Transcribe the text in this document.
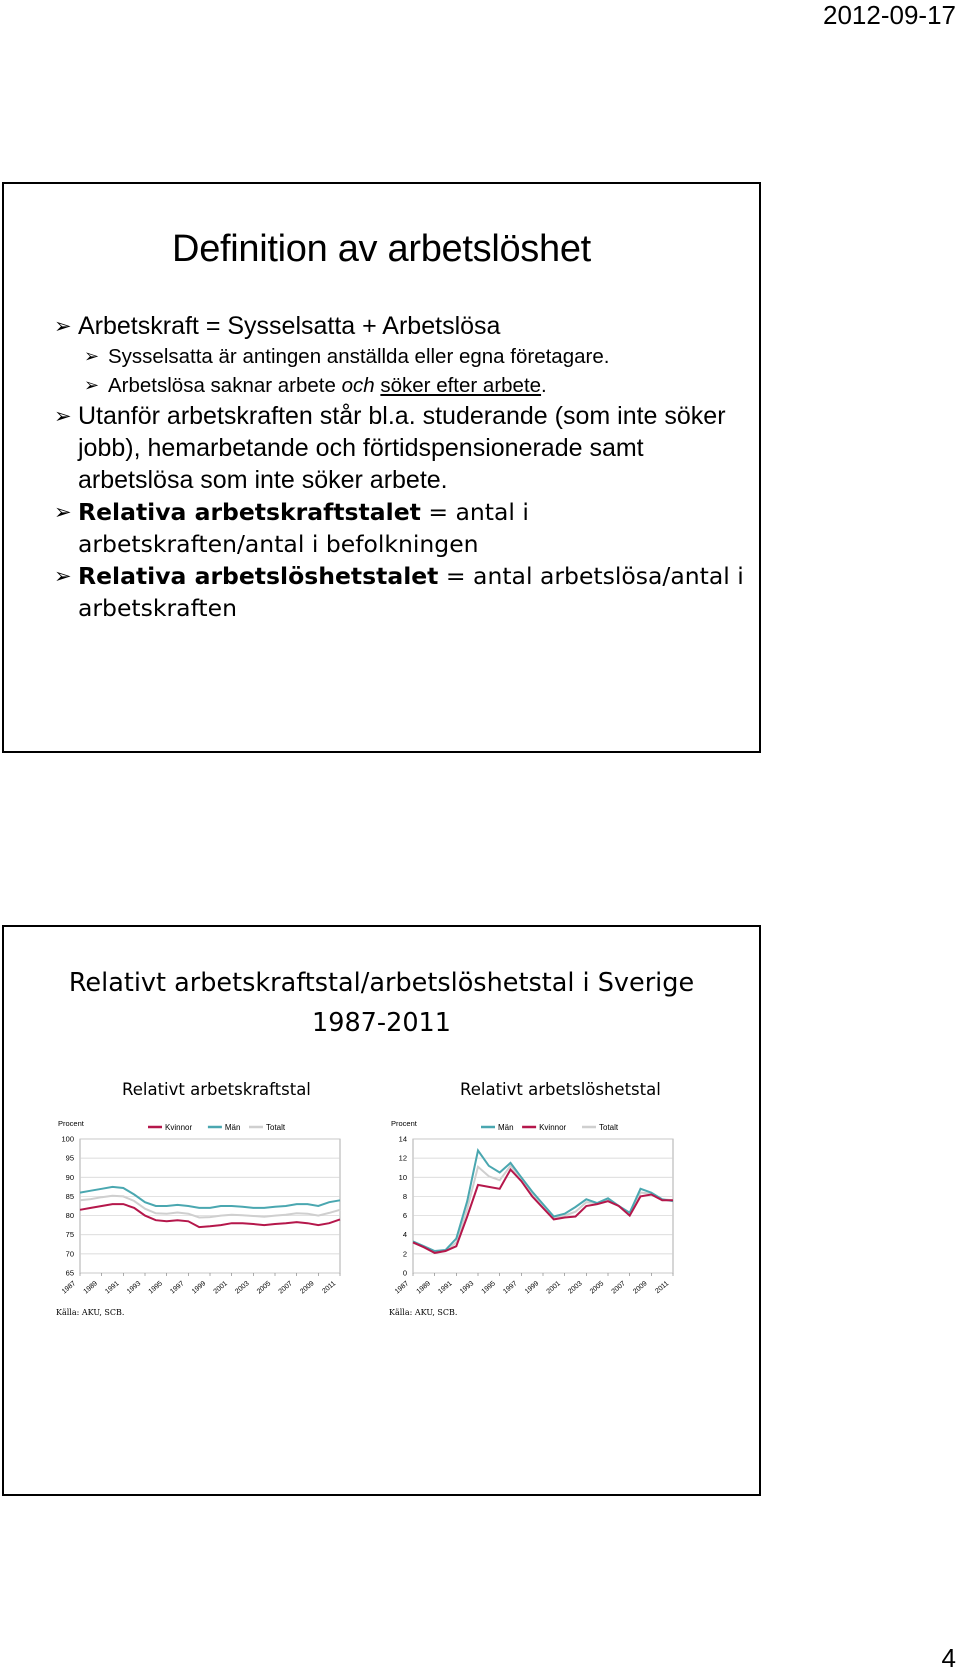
2012-09-17
Definition av arbetslöshet
➢ Arbetskraft = Sysselsatta + Arbetslösa
➢ Sysselsatta är antingen anställda eller egna företagare.
➢ Arbetslösa saknar arbete och söker efter arbete.
➢ Utanför arbetskraften står bl.a. studerande (som inte söker jobb), hemarbetande och förtidspensionerade samt arbetslösa som inte söker arbete.
➢ Relativa arbetskraftstalet = antal i arbetskraften/antal i befolkningen
➢ Relativa arbetslöshetstalet = antal arbetslösa/antal i arbetskraften
Relativt arbetskraftstal/arbetslöshetstal i Sverige
1987-2011
Relativt arbetskraftstal	Relativt arbetslöshetstal
Procent
65
70
75
80
85
90
95
100
1987 1989 1991 1993 1995 1997 1999 2001 2003 2005 2007 2009 2011
Kvinnor	Män	Totalt
Källa: AKU, SCB.
Procent
0
2
4
6
8
10
12
14
1987 1989 1991 1993 1995 1997 1999 2001 2003 2005 2007 2009 2011
Män	Kvinnor	Totalt
Källa: AKU, SCB.
4
